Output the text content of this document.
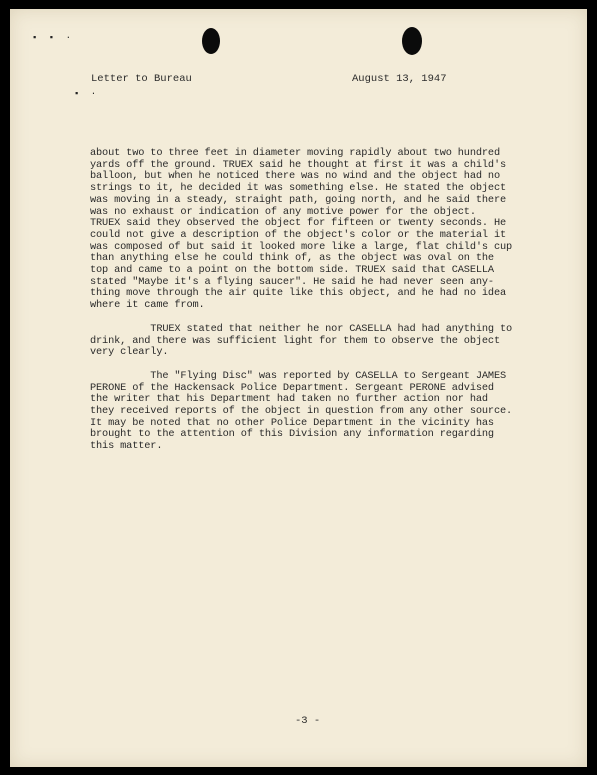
▪ ▪ ·
▪ ·
Letter to Bureau	August 13, 1947
about two to three feet in diameter moving rapidly about two hundred
yards off the ground. TRUEX said he thought at first it was a child's
balloon, but when he noticed there was no wind and the object had no
strings to it, he decided it was something else. He stated the object
was moving in a steady, straight path, going north, and he said there
was no exhaust or indication of any motive power for the object.
TRUEX said they observed the object for fifteen or twenty seconds. He
could not give a description of the object's color or the material it
was composed of but said it looked more like a large, flat child's cup
than anything else he could think of, as the object was oval on the
top and came to a point on the bottom side. TRUEX said that CASELLA
stated "Maybe it's a flying saucer". He said he had never seen any-
thing move through the air quite like this object, and he had no idea
where it came from.
TRUEX stated that neither he nor CASELLA had had anything to
drink, and there was sufficient light for them to observe the object
very clearly.
The "Flying Disc" was reported by CASELLA to Sergeant JAMES
PERONE of the Hackensack Police Department. Sergeant PERONE advised
the writer that his Department had taken no further action nor had
they received reports of the object in question from any other source.
It may be noted that no other Police Department in the vicinity has
brought to the attention of this Division any information regarding
this matter.
-3 -
